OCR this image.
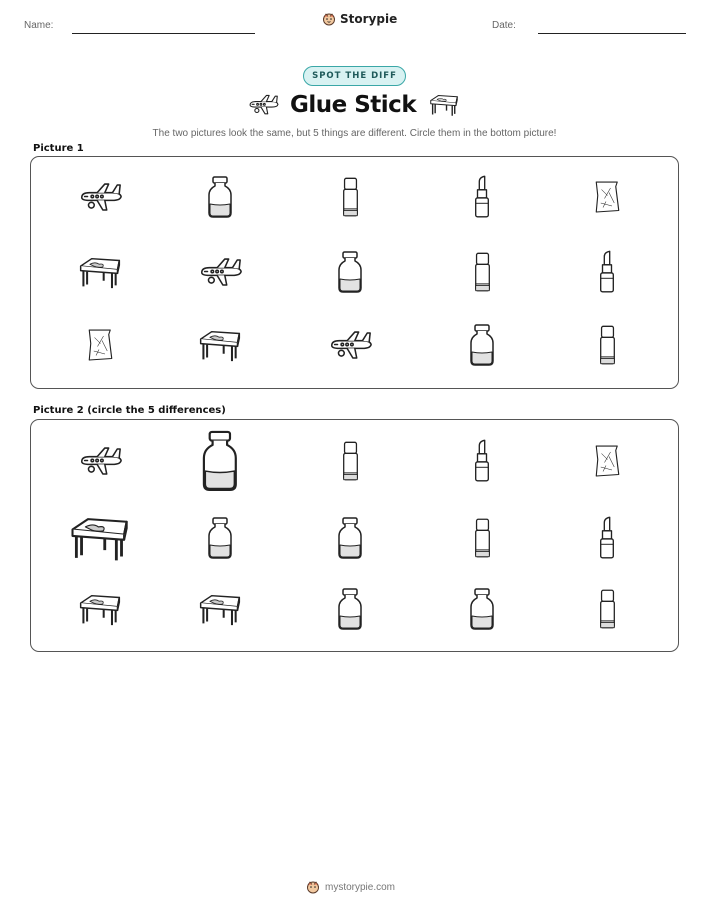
Name:	Storypie	Date:
SPOT THE DIFF
Glue Stick
The two pictures look the same, but 5 things are different. Circle them in the bottom picture!
Picture 1
Picture 2 (circle the 5 differences)
mystorypie.com
